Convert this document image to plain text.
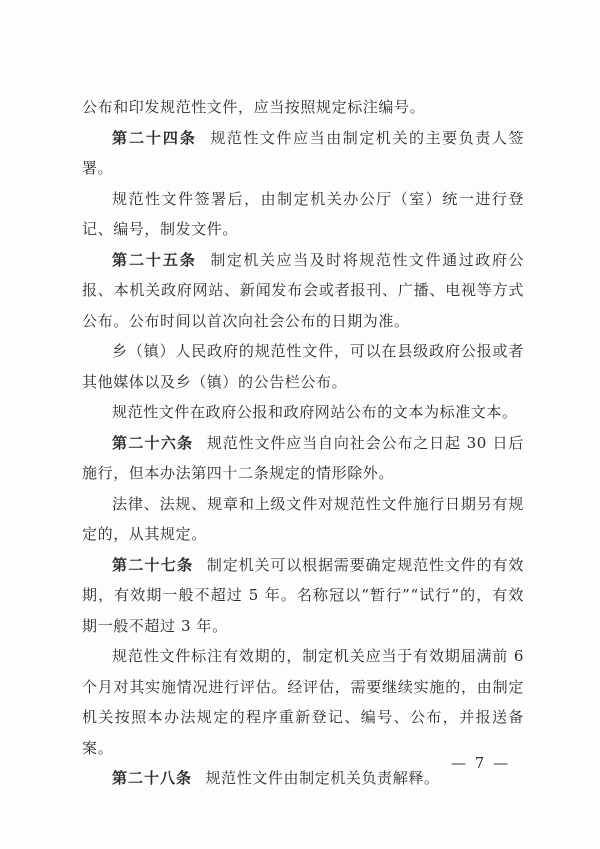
公布和印发规范性文件，应当按照规定标注编号。

第二十四条 规范性文件应当由制定机关的主要负责人签署。

规范性文件签署后，由制定机关办公厅（室）统一进行登记、编号，制发文件。

第二十五条 制定机关应当及时将规范性文件通过政府公报、本机关政府网站、新闻发布会或者报刊、广播、电视等方式公布。公布时间以首次向社会公布的日期为准。

乡（镇）人民政府的规范性文件，可以在县级政府公报或者其他媒体以及乡（镇）的公告栏公布。

规范性文件在政府公报和政府网站公布的文本为标准文本。

第二十六条 规范性文件应当自向社会公布之日起 30 日后施行，但本办法第四十二条规定的情形除外。

法律、法规、规章和上级文件对规范性文件施行日期另有规定的，从其规定。

第二十七条 制定机关可以根据需要确定规范性文件的有效期，有效期一般不超过 5 年。名称冠以“暂行”“试行”的，有效期一般不超过 3 年。

规范性文件标注有效期的，制定机关应当于有效期届满前 6 个月对其实施情况进行评估。经评估，需要继续实施的，由制定机关按照本办法规定的程序重新登记、编号、公布，并报送备案。

第二十八条 规范性文件由制定机关负责解释。

— 7 —
